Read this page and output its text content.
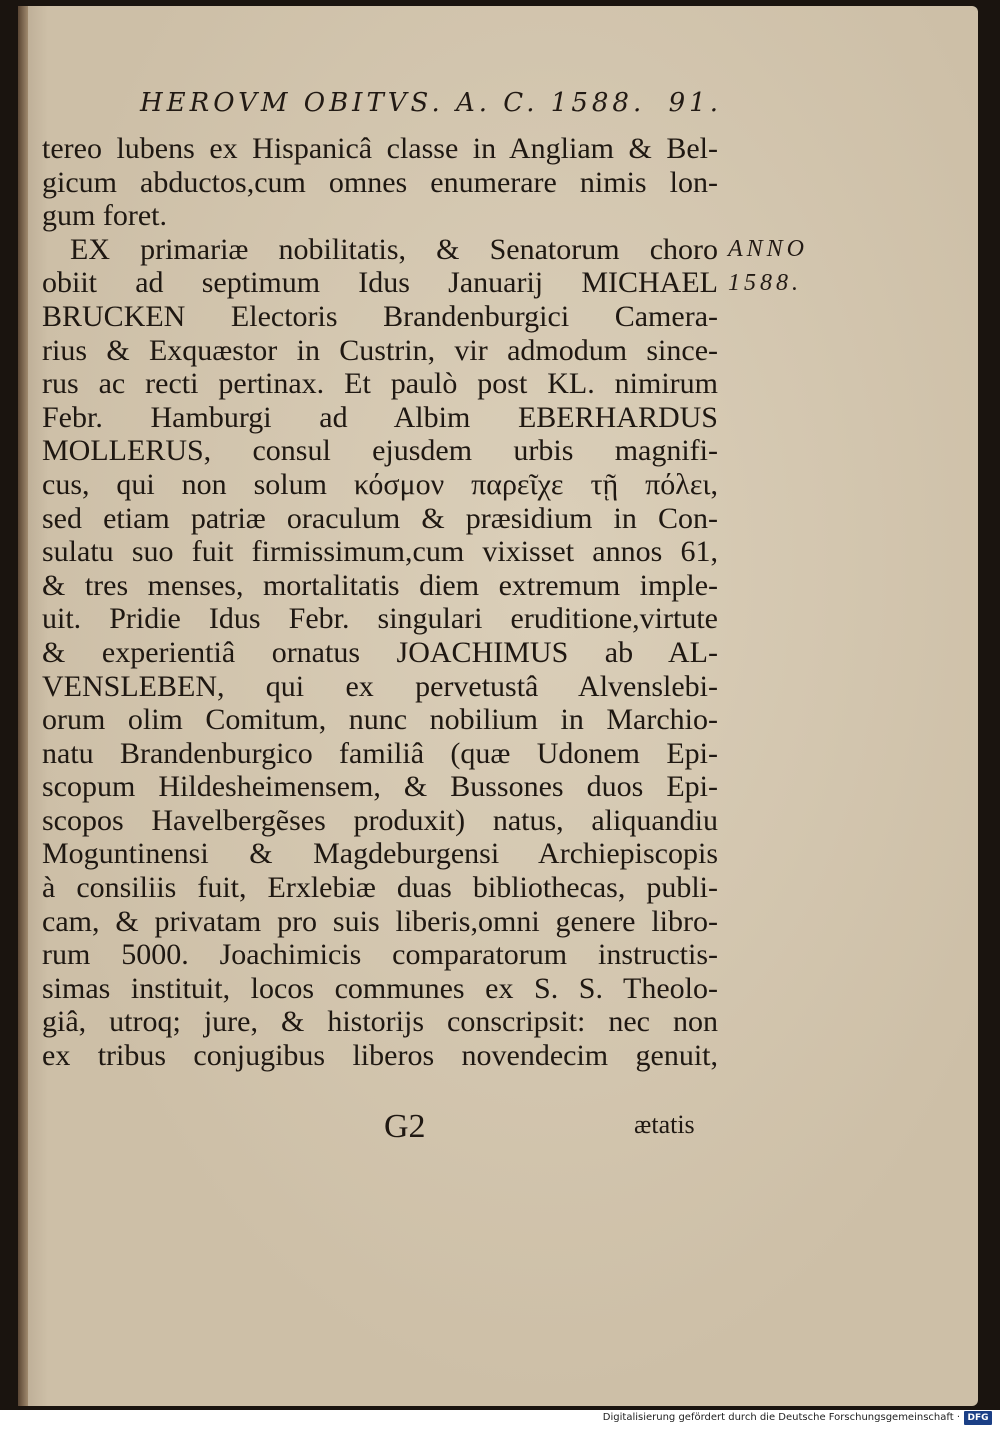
HEROVM OBITVS. A. C. 1588. 91.
ANNO
1588.
tereo lubens ex Hispanicâ classe in Angliam & Bel-
gicum abductos,cum omnes enumerare nimis lon-
gum foret.
EX primariæ nobilitatis, & Senatorum choro
obiit ad septimum Idus Januarij MICHAEL
BRUCKEN Electoris Brandenburgici Camera-
rius & Exquæstor in Custrin, vir admodum since-
rus ac recti pertinax. Et paulò post KL. nimirum
Febr. Hamburgi ad Albim EBERHARDUS
MOLLERUS, consul ejusdem urbis magnifi-
cus, qui non solum κόσμον παρεῖχε τῇ πόλει,
sed etiam patriæ oraculum & præsidium in Con-
sulatu suo fuit firmissimum,cum vixisset annos 61,
& tres menses, mortalitatis diem extremum imple-
uit. Pridie Idus Febr. singulari eruditione,virtute
& experientiâ ornatus JOACHIMUS ab AL-
VENSLEBEN, qui ex pervetustâ Alvenslebi-
orum olim Comitum, nunc nobilium in Marchio-
natu Brandenburgico familiâ (quæ Udonem Epi-
scopum Hildesheimensem, & Bussones duos Epi-
scopos Havelbergẽses produxit) natus, aliquandiu
Moguntinensi & Magdeburgensi Archiepiscopis
à consiliis fuit, Erxlebiæ duas bibliothecas, publi-
cam, & privatam pro suis liberis,omni genere libro-
rum 5000. Joachimicis comparatorum instructis-
simas instituit, locos communes ex S. S. Theolo-
giâ, utroq; jure, & historijs conscripsit: nec non
ex tribus conjugibus liberos novendecim genuit,
G2	ætatis
Digitalisierung gefördert durch die Deutsche Forschungsgemeinschaft · DFG
